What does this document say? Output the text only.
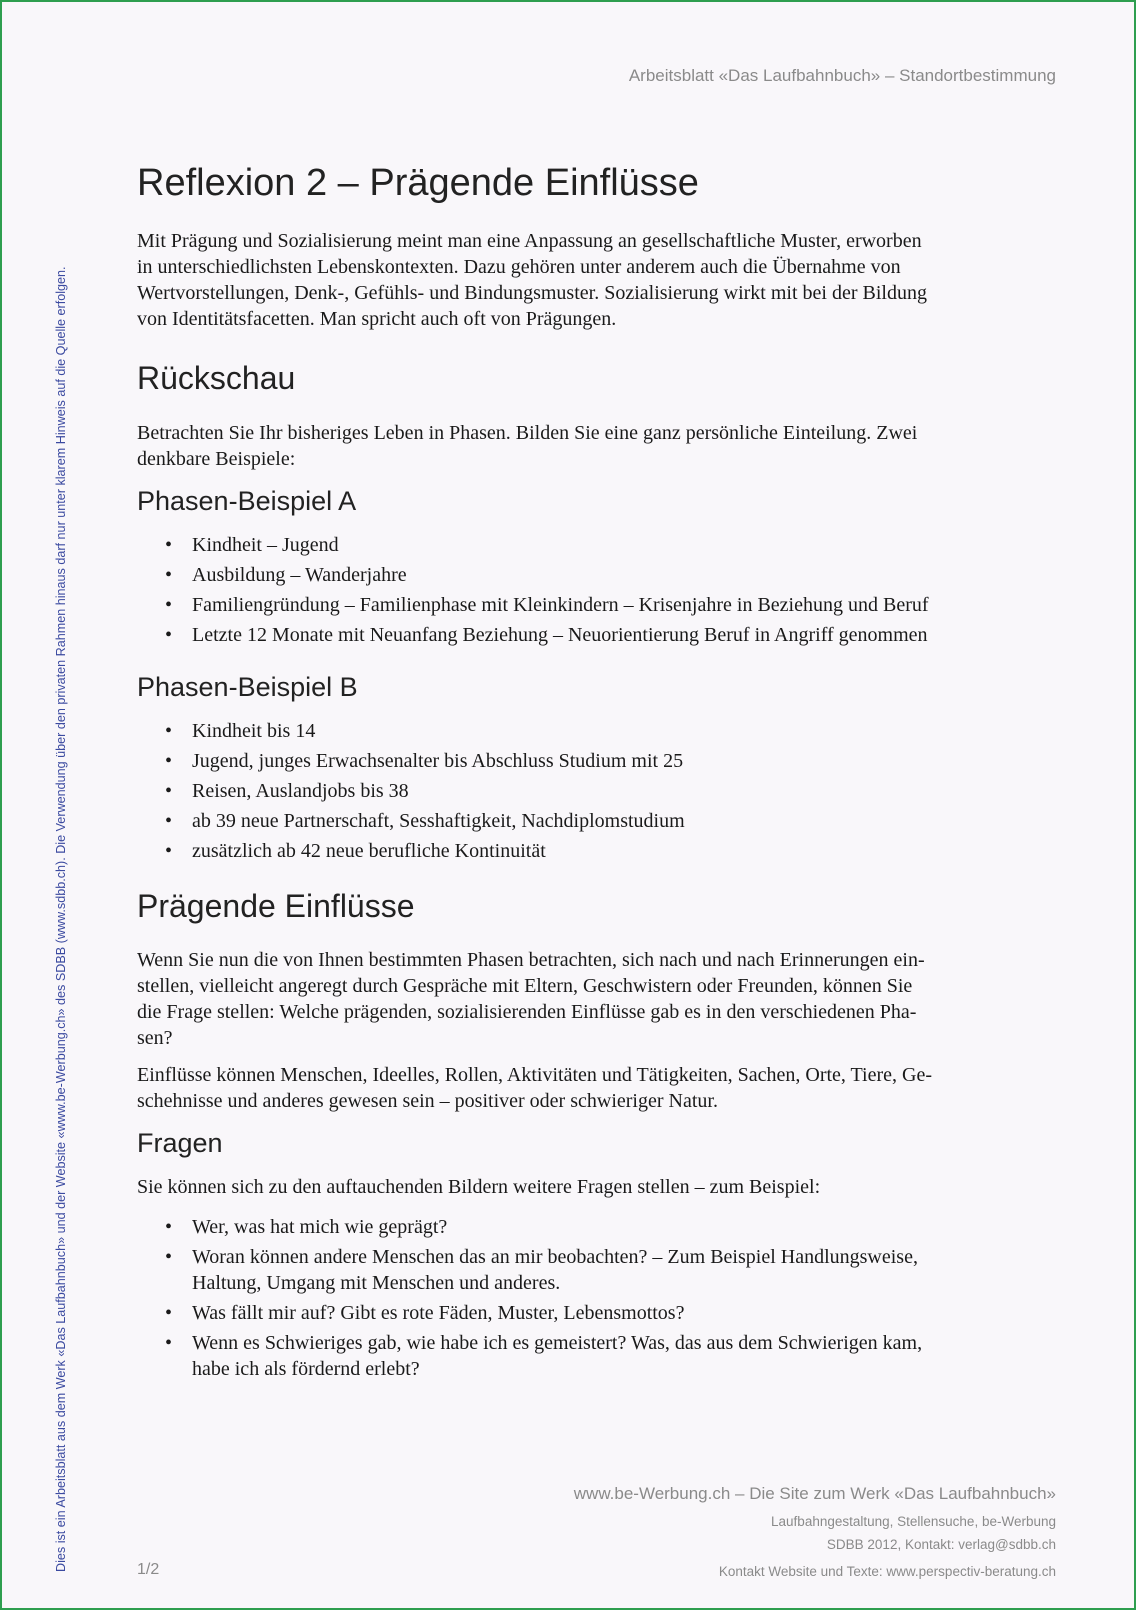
Dies ist ein Arbeitsblatt aus dem Werk «Das Laufbahnbuch» und der Website «www.be-Werbung.ch» des SDBB (www.sdbb.ch). Die Verwendung über den privaten Rahmen hinaus darf nur unter klarem Hinweis auf die Quelle erfolgen.
Arbeitsblatt «Das Laufbahnbuch» – Standortbestimmung
Reflexion 2 – Prägende Einflüsse

Mit Prägung und Sozialisierung meint man eine Anpassung an gesellschaftliche Muster, erworben

in unterschiedlichsten Lebenskontexten. Dazu gehören unter anderem auch die Übernahme von

Wertvorstellungen, Denk-, Gefühls- und Bindungsmuster. Sozialisierung wirkt mit bei der Bildung

von Identitätsfacetten. Man spricht auch oft von Prägungen.

Rückschau

Betrachten Sie Ihr bisheriges Leben in Phasen. Bilden Sie eine ganz persönliche Einteilung. Zwei

denkbare Beispiele:

Phasen-Beispiel A
• Kindheit – Jugend
• Ausbildung – Wanderjahre
• Familiengründung – Familienphase mit Kleinkindern – Krisenjahre in Beziehung und Beruf
• Letzte 12 Monate mit Neuanfang Beziehung – Neuorientierung Beruf in Angriff genommen
Phasen-Beispiel B
• Kindheit bis 14
• Jugend, junges Erwachsenalter bis Abschluss Studium mit 25
• Reisen, Auslandjobs bis 38
• ab 39 neue Partnerschaft, Sesshaftigkeit, Nachdiplomstudium
• zusätzlich ab 42 neue berufliche Kontinuität
Prägende Einflüsse

Wenn Sie nun die von Ihnen bestimmten Phasen betrachten, sich nach und nach Erinnerungen ein-

stellen, vielleicht angeregt durch Gespräche mit Eltern, Geschwistern oder Freunden, können Sie

die Frage stellen: Welche prägenden, sozialisierenden Einflüsse gab es in den verschiedenen Pha-

sen?

Einflüsse können Menschen, Ideelles, Rollen, Aktivitäten und Tätigkeiten, Sachen, Orte, Tiere, Ge-

schehnisse und anderes gewesen sein – positiver oder schwieriger Natur.

Fragen

Sie können sich zu den auftauchenden Bildern weitere Fragen stellen – zum Beispiel:

• Wer, was hat mich wie geprägt?
• Woran können andere Menschen das an mir beobachten? – Zum Beispiel Handlungsweise,
Haltung, Umgang mit Menschen und anderes.
• Was fällt mir auf? Gibt es rote Fäden, Muster, Lebensmottos?
• Wenn es Schwieriges gab, wie habe ich es gemeistert? Was, das aus dem Schwierigen kam,
habe ich als fördernd erlebt?
www.be-Werbung.ch – Die Site zum Werk «Das Laufbahnbuch»
Laufbahngestaltung, Stellensuche, be-Werbung
SDBB 2012, Kontakt: verlag@sdbb.ch
Kontakt Website und Texte: www.perspectiv-beratung.ch
1/2
